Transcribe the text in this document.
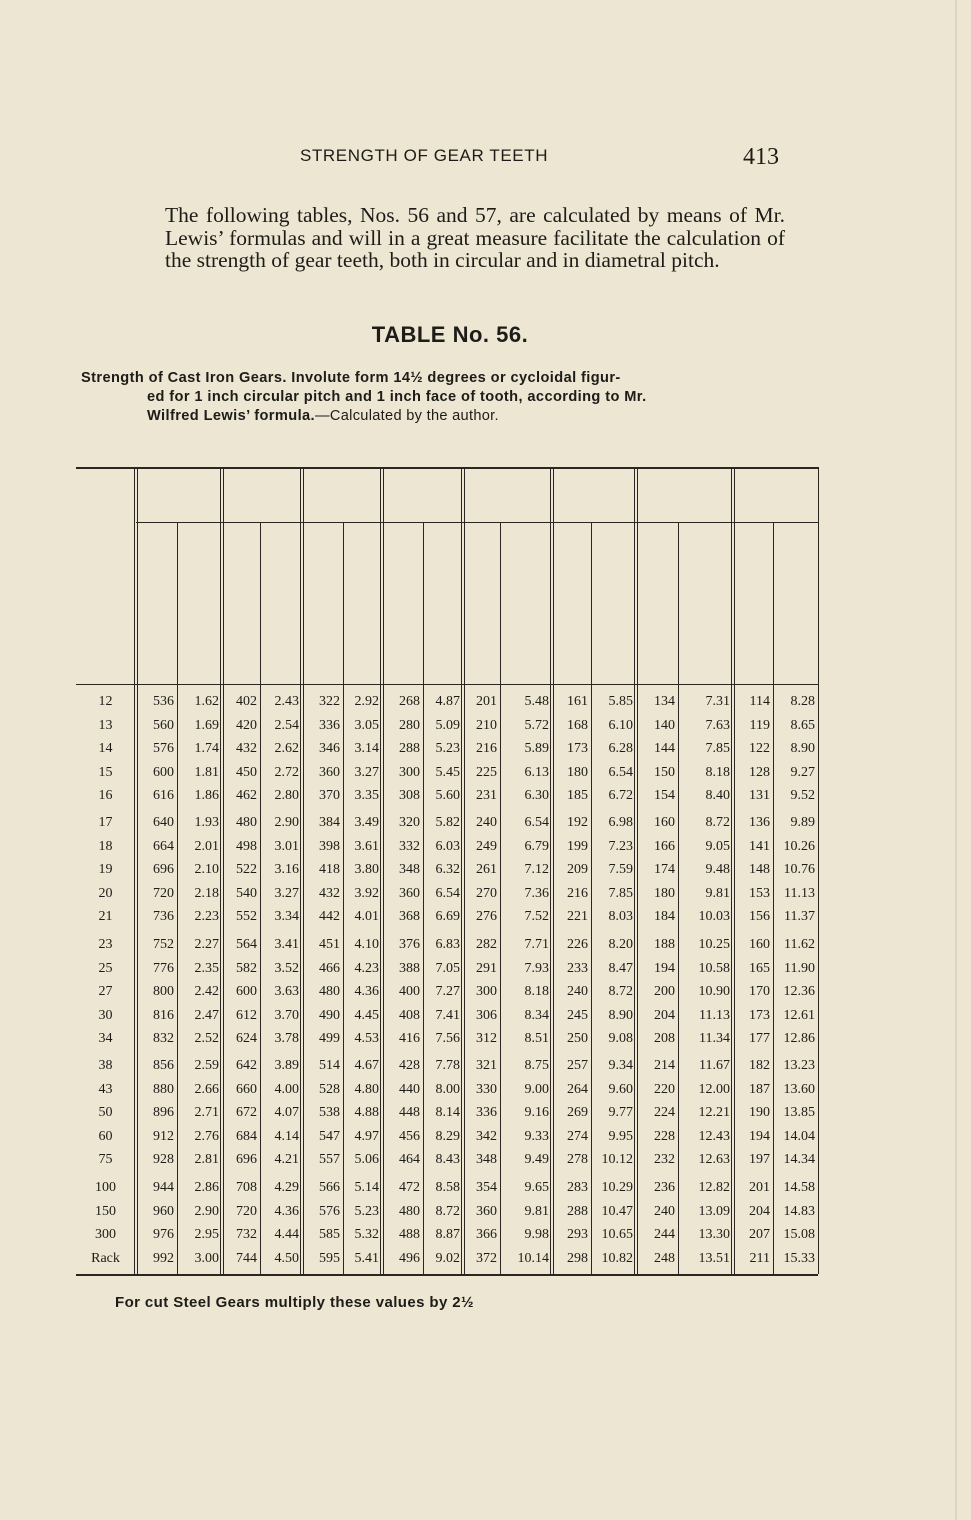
STRENGTH OF GEAR TEETH	413
The following tables, Nos. 56 and 57, are calculated by means of Mr. Lewis’ formulas and will in a great measure facilitate the calculation of the strength of gear teeth, both in circular and in diametral pitch.
TABLE No. 56.
Strength of Cast Iron Gears. Involute form 14½ degrees or cycloidal figur-
ed for 1 inch circular pitch and 1 inch face of tooth, according to Mr.
Wilfred Lewis’ formula.—Calculated by the author.
12	536	1.62	402	2.43	322	2.92	268	4.87	201	5.48	161	5.85	134	7.31	114	8.28
13	560	1.69	420	2.54	336	3.05	280	5.09	210	5.72	168	6.10	140	7.63	119	8.65
14	576	1.74	432	2.62	346	3.14	288	5.23	216	5.89	173	6.28	144	7.85	122	8.90
15	600	1.81	450	2.72	360	3.27	300	5.45	225	6.13	180	6.54	150	8.18	128	9.27
16	616	1.86	462	2.80	370	3.35	308	5.60	231	6.30	185	6.72	154	8.40	131	9.52
17	640	1.93	480	2.90	384	3.49	320	5.82	240	6.54	192	6.98	160	8.72	136	9.89
18	664	2.01	498	3.01	398	3.61	332	6.03	249	6.79	199	7.23	166	9.05	141 10.26
19	696	2.10	522	3.16	418	3.80	348	6.32	261	7.12	209	7.59	174	9.48	148 10.76
20	720	2.18	540	3.27	432	3.92	360	6.54	270	7.36	216	7.85	180	9.81	153	11.13
21	736	2.23	552	3.34	442	4.01	368	6.69	276	7.52	221	8.03	184	10.03	156	11.37
23	752	2.27	564	3.41	451	4.10	376	6.83	282	7.71	226	8.20	188	10.25	160	11.62
25	776	2.35	582	3.52	466	4.23	388	7.05	291	7.93	233	8.47	194	10.58	165	11.90
27	800	2.42	600	3.63	480	4.36	400	7.27	300	8.18	240	8.72	200	10.90	170 12.36
30	816	2.47	612	3.70	490	4.45	408	7.41	306	8.34	245	8.90	204	11.13	173 12.61
34	832	2.52	624	3.78	499	4.53	416	7.56	312	8.51	250	9.08	208	11.34	177 12.86
38	856	2.59	642	3.89	514	4.67	428	7.78	321	8.75	257	9.34	214	11.67	182 13.23
43	880	2.66	660	4.00	528	4.80	440	8.00	330	9.00	264	9.60	220	12.00	187 13.60
50	896	2.71	672	4.07	538	4.88	448	8.14	336	9.16	269	9.77	224	12.21	190 13.85
60	912	2.76	684	4.14	547	4.97	456	8.29	342	9.33	274	9.95	228	12.43	194 14.04
75	928	2.81	696	4.21	557	5.06	464	8.43	348	9.49	278 10.12	232	12.63	197 14.34
100	944	2.86	708	4.29	566	5.14	472	8.58	354	9.65	283 10.29	236	12.82	201 14.58
150	960	2.90	720	4.36	576	5.23	480	8.72	360	9.81	288 10.47	240	13.09	204 14.83
300	976	2.95	732	4.44	585	5.32	488	8.87	366	9.98	293 10.65	244	13.30	207 15.08
Rack	992	3.00	744	4.50	595	5.41	496	9.02	372	10.14	298 10.82	248	13.51	211 15.33
For cut Steel Gears multiply these values by 2½
